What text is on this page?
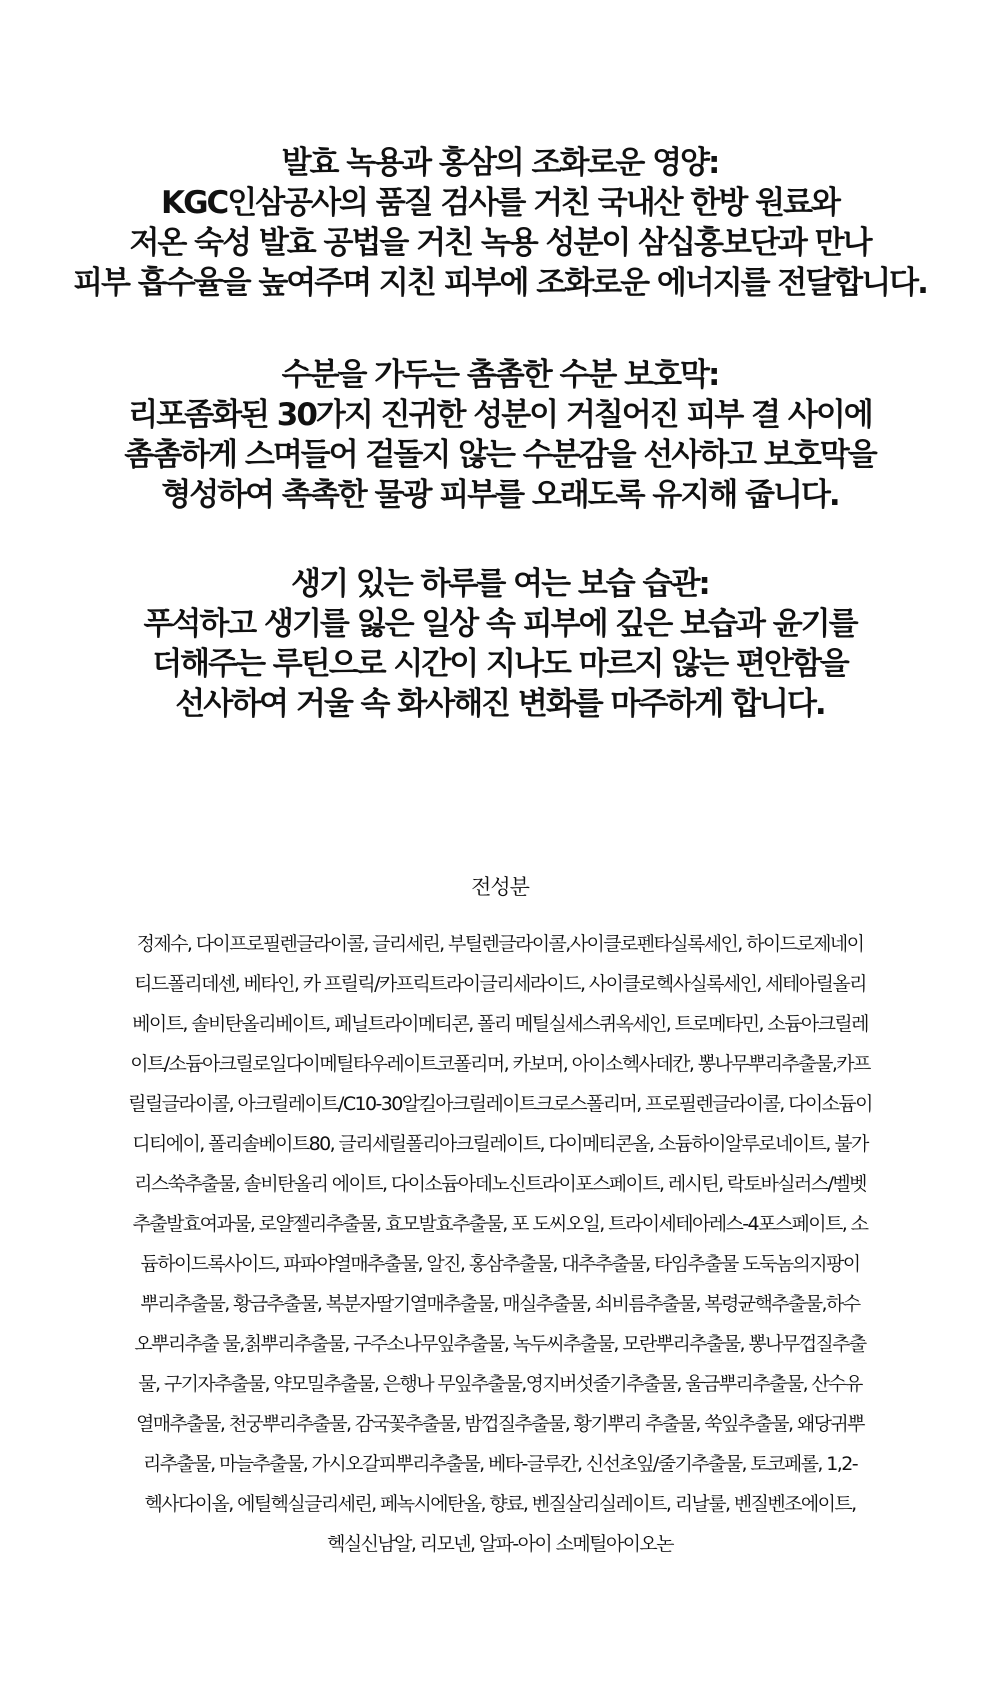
발효 녹용과 홍삼의 조화로운 영양:
KGC인삼공사의 품질 검사를 거친 국내산 한방 원료와
저온 숙성 발효 공법을 거친 녹용 성분이 삼십홍보단과 만나
피부 흡수율을 높여주며 지친 피부에 조화로운 에너지를 전달합니다.
수분을 가두는 촘촘한 수분 보호막:
리포좀화된 30가지 진귀한 성분이 거칠어진 피부 결 사이에
촘촘하게 스며들어 겉돌지 않는 수분감을 선사하고 보호막을
형성하여 촉촉한 물광 피부를 오래도록 유지해 줍니다.
생기 있는 하루를 여는 보습 습관:
푸석하고 생기를 잃은 일상 속 피부에 깊은 보습과 윤기를
더해주는 루틴으로 시간이 지나도 마르지 않는 편안함을
선사하여 거울 속 화사해진 변화를 마주하게 합니다.
전성분
정제수, 다이프로필렌글라이콜, 글리세린, 부틸렌글라이콜,사이클로펜타실록세인, 하이드로제네이
티드폴리데센, 베타인, 카 프릴릭/카프릭트라이글리세라이드, 사이클로헥사실록세인, 세테아릴올리
베이트, 솔비탄올리베이트, 페닐트라이메티콘, 폴리 메틸실세스퀴옥세인, 트로메타민, 소듐아크릴레
이트/소듐아크릴로일다이메틸타우레이트코폴리머, 카보머, 아이소헥사데칸, 뽕나무뿌리추출물,카프
릴릴글라이콜, 아크릴레이트/C10-30알킬아크릴레이트크로스폴리머, 프로필렌글라이콜, 다이소듐이
디티에이, 폴리솔베이트80, 글리세릴폴리아크릴레이트, 다이메티콘올, 소듐하이알루로네이트, 불가
리스쑥추출물, 솔비탄올리 에이트, 다이소듐아데노신트라이포스페이트, 레시틴, 락토바실러스/벨벳
추출발효여과물, 로얄젤리추출물, 효모발효추출물, 포 도씨오일, 트라이세테아레스-4포스페이트, 소
듐하이드록사이드, 파파야열매추출물, 알진, 홍삼추출물, 대추추출물, 타임추출물 도둑놈의지팡이
뿌리추출물, 황금추출물, 복분자딸기열매추출물, 매실추출물, 쇠비름추출물, 복령균핵추출물,하수
오뿌리추출 물,칡뿌리추출물, 구주소나무잎추출물, 녹두씨추출물, 모란뿌리추출물, 뽕나무껍질추출
물, 구기자추출물, 약모밀추출물, 은행나 무잎추출물,영지버섯줄기추출물, 울금뿌리추출물, 산수유
열매추출물, 천궁뿌리추출물, 감국꽃추출물, 밤껍질추출물, 황기뿌리 추출물, 쑥잎추출물, 왜당귀뿌
리추출물, 마늘추출물, 가시오갈피뿌리추출물, 베타-글루칸, 신선초잎/줄기추출물, 토코페롤, 1,2-
헥사다이올, 에틸헥실글리세린, 페녹시에탄올, 향료, 벤질살리실레이트, 리날룰, 벤질벤조에이트,
헥실신남알, 리모넨, 알파-아이 소메틸아이오논
